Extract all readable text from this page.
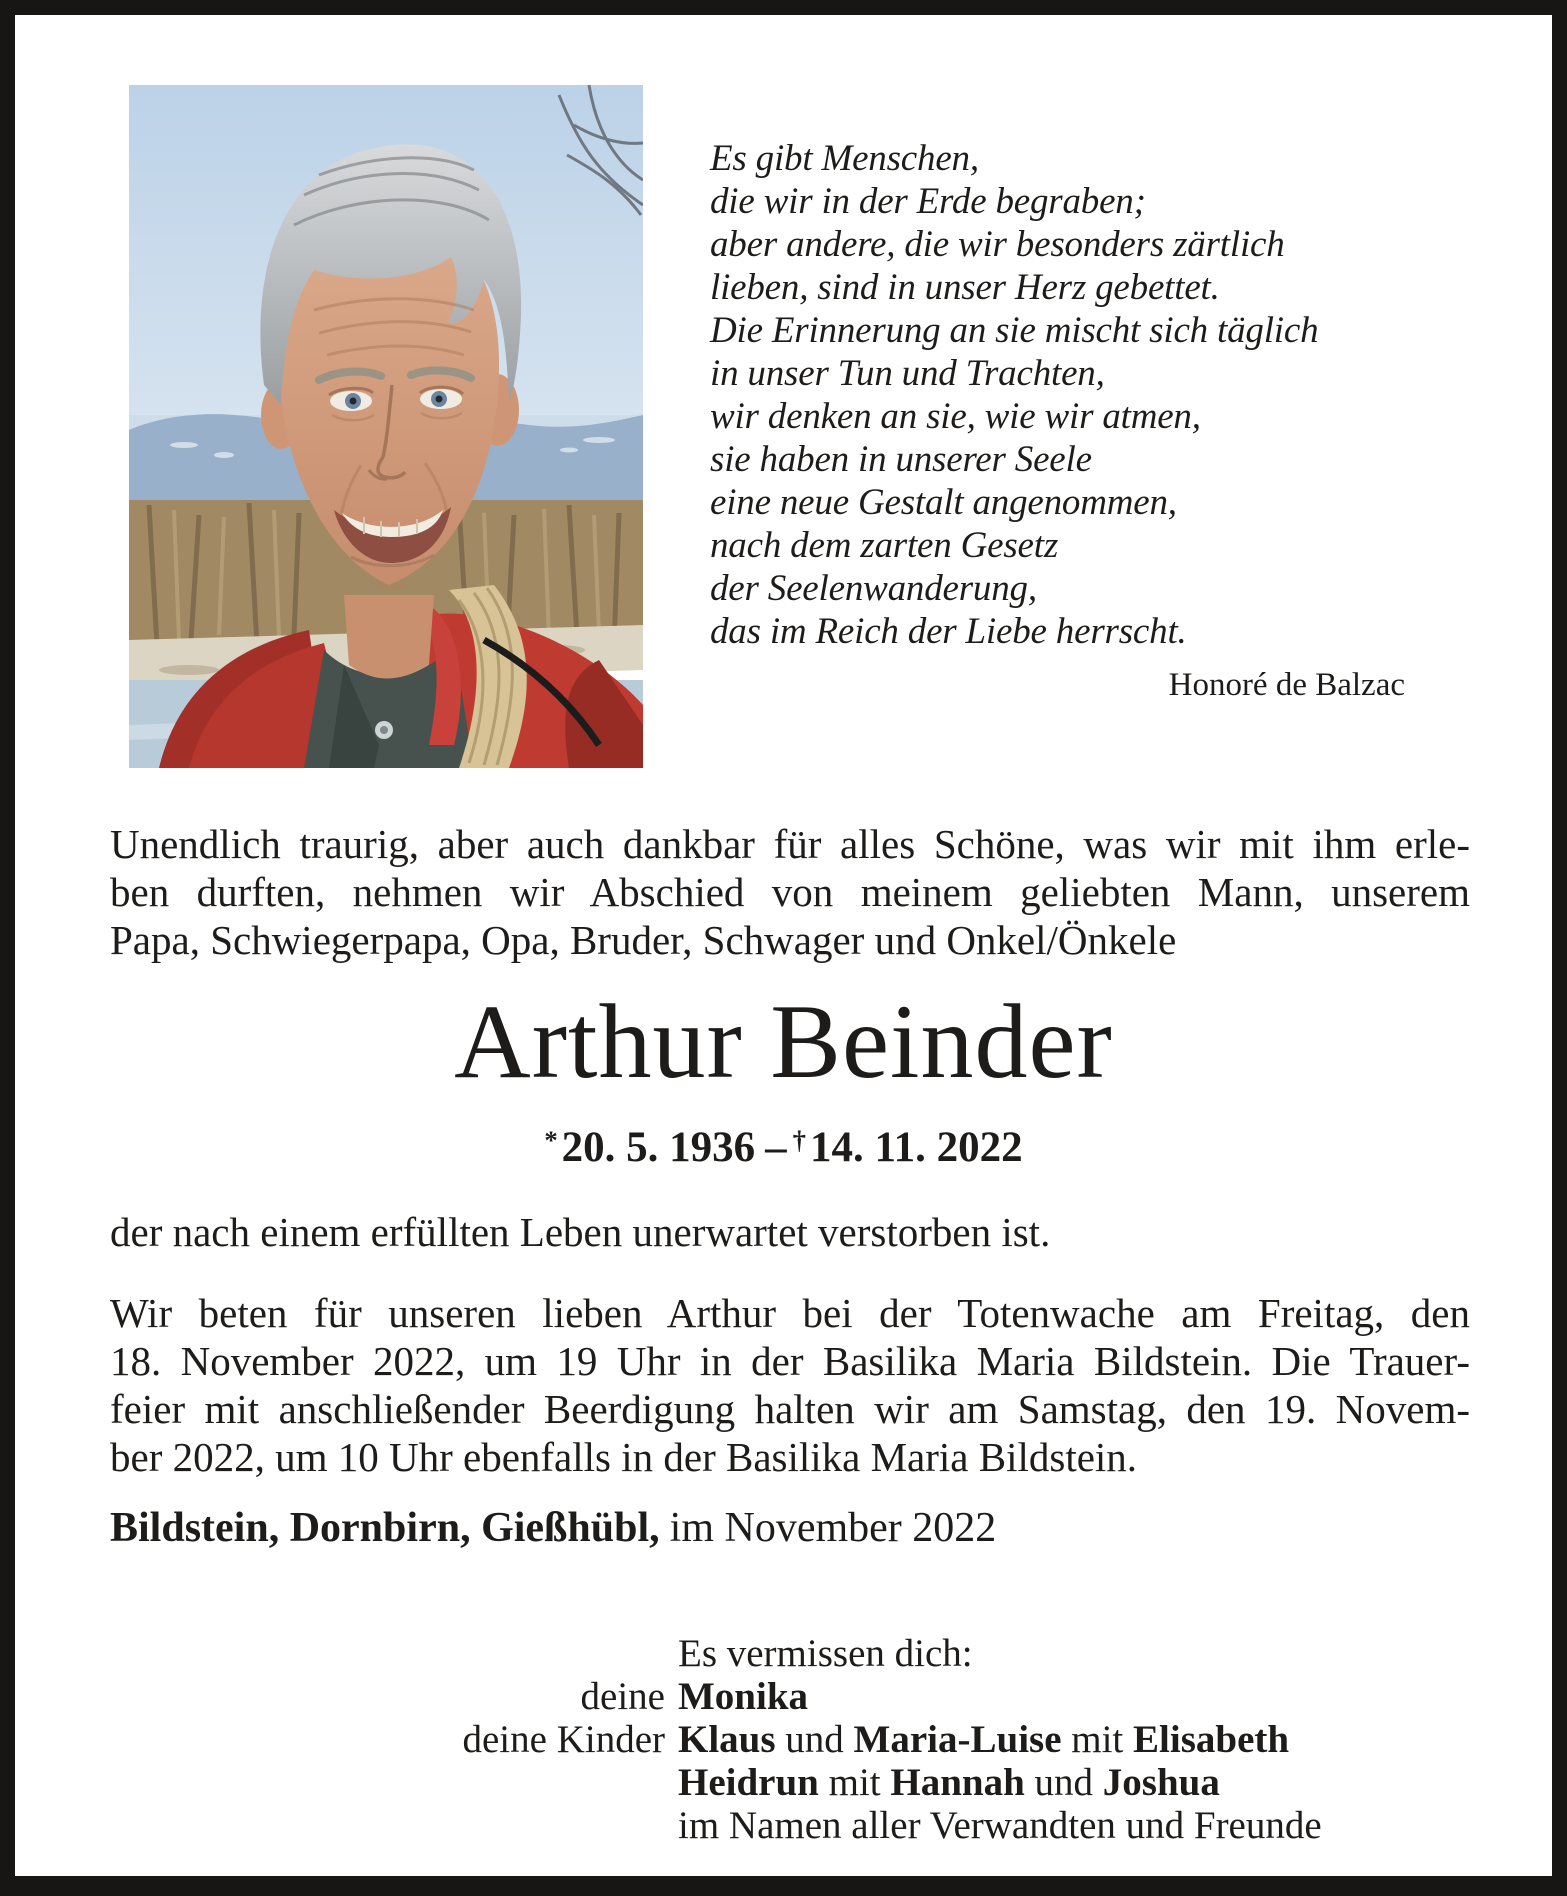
Es gibt Menschen,
die wir in der Erde begraben;
aber andere, die wir besonders zärtlich
lieben, sind in unser Herz gebettet.
Die Erinnerung an sie mischt sich täglich
in unser Tun und Trachten,
wir denken an sie, wie wir atmen,
sie haben in unserer Seele
eine neue Gestalt angenommen,
nach dem zarten Gesetz
der Seelenwanderung,
das im Reich der Liebe herrscht.
Honoré de Balzac
Unendlich traurig, aber auch dankbar für alles Schöne, was wir mit ihm erle-
ben durften, nehmen wir Abschied von meinem geliebten Mann, unserem
Papa, Schwiegerpapa, Opa, Bruder, Schwager und Onkel/Önkele
Arthur Beinder
*20. 5. 1936 – †14. 11. 2022
der nach einem erfüllten Leben unerwartet verstorben ist.
Wir beten für unseren lieben Arthur bei der Totenwache am Freitag, den
18. November 2022, um 19 Uhr in der Basilika Maria Bildstein. Die Trauer-
feier mit anschließender Beerdigung halten wir am Samstag, den 19. Novem-
ber 2022, um 10 Uhr ebenfalls in der Basilika Maria Bildstein.
Bildstein, Dornbirn, Gießhübl, im November 2022
Es vermissen dich:
deine Monika
deine Kinder Klaus und Maria-Luise mit Elisabeth
Heidrun mit Hannah und Joshua
im Namen aller Verwandten und Freunde
